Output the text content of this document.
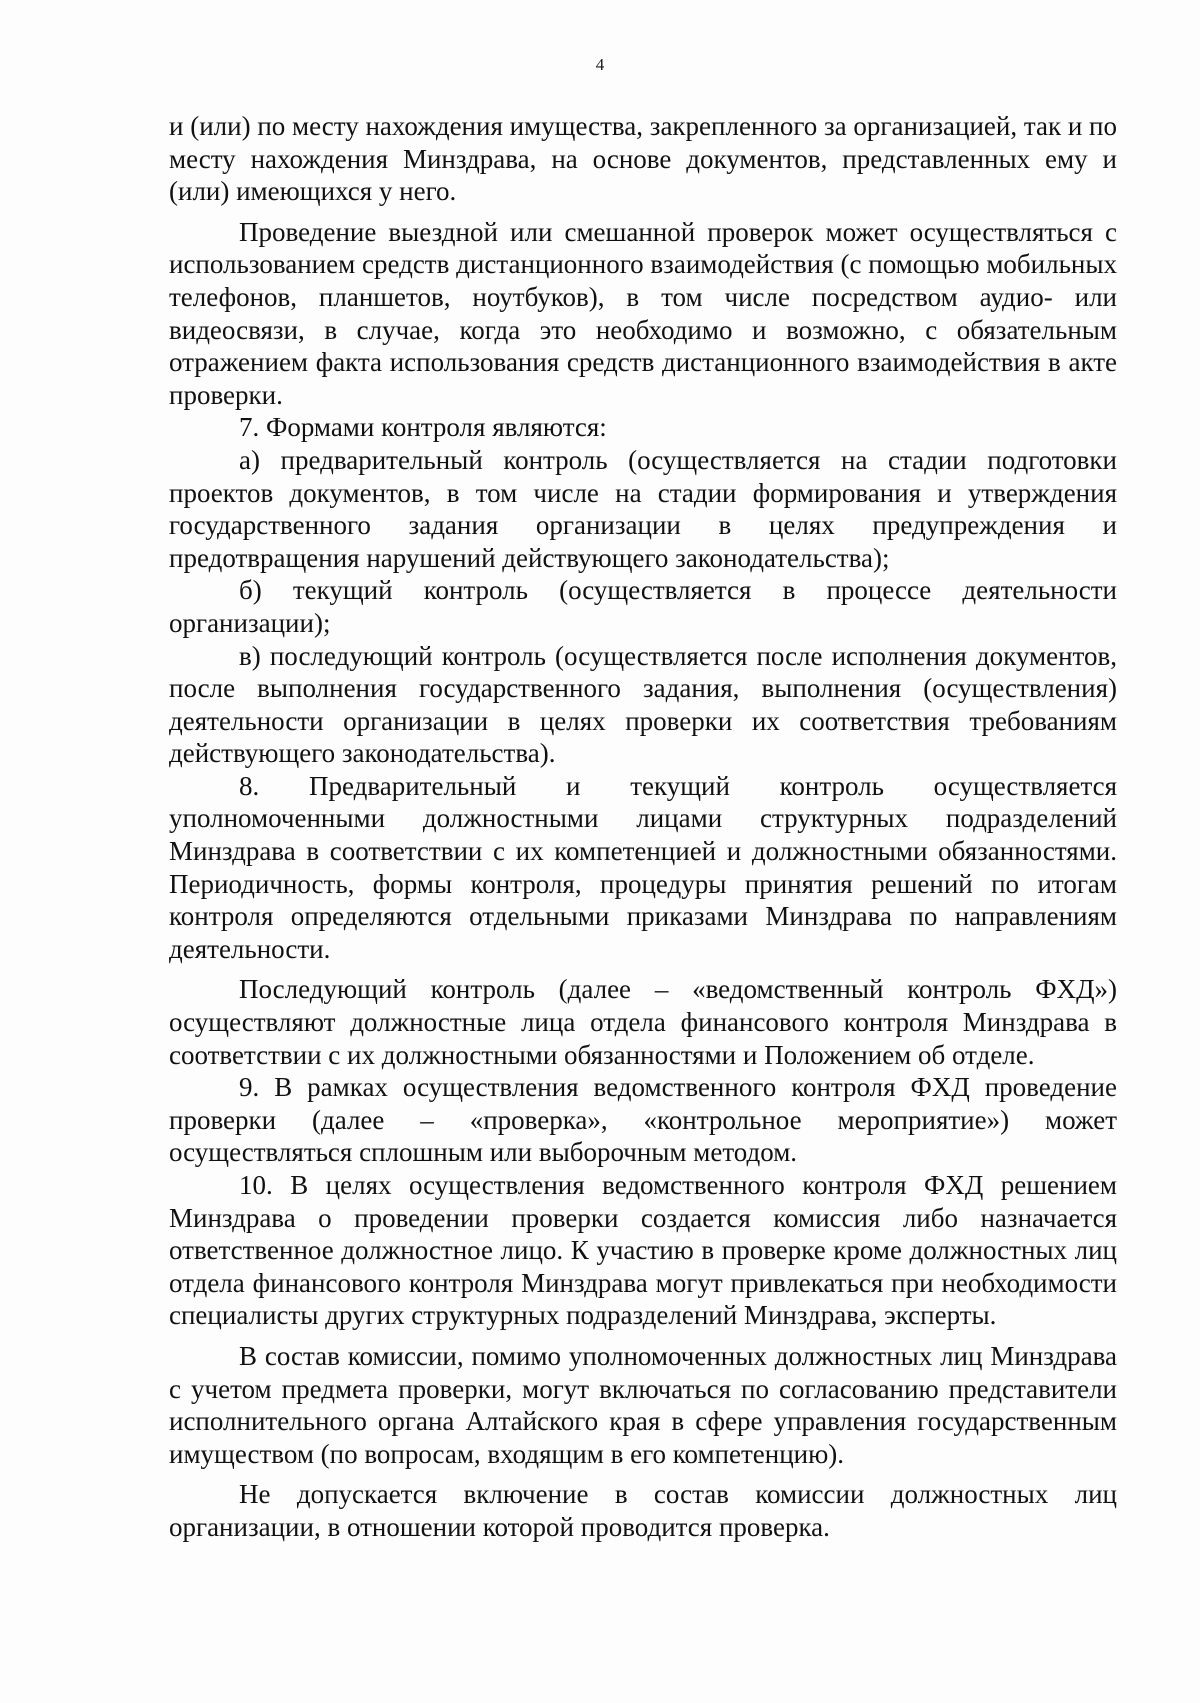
4

и (или) по месту нахождения имущества, закрепленного за организацией, так и по месту нахождения Минздрава, на основе документов, представленных ему и (или) имеющихся у него.

Проведение выездной или смешанной проверок может осуществляться с использованием средств дистанционного взаимодействия (с помощью мобильных телефонов, планшетов, ноутбуков), в том числе посредством аудио- или видеосвязи, в случае, когда это необходимо и возможно, с обязательным отражением факта использования средств дистанционного взаимодействия в акте проверки.

7. Формами контроля являются:

а) предварительный контроль (осуществляется на стадии подготовки проектов документов, в том числе на стадии формирования и утверждения государственного задания организации в целях предупреждения и предотвращения нарушений действующего законодательства);

б) текущий контроль (осуществляется в процессе деятельности организации);

в) последующий контроль (осуществляется после исполнения документов, после выполнения государственного задания, выполнения (осуществления) деятельности организации в целях проверки их соответствия требованиям действующего законодательства).

8. Предварительный и текущий контроль осуществляется уполномоченными должностными лицами структурных подразделений Минздрава в соответствии с их компетенцией и должностными обязанностями. Периодичность, формы контроля, процедуры принятия решений по итогам контроля определяются отдельными приказами Минздрава по направлениям деятельности.

Последующий контроль (далее – «ведомственный контроль ФХД») осуществляют должностные лица отдела финансового контроля Минздрава в соответствии с их должностными обязанностями и Положением об отделе.

9. В рамках осуществления ведомственного контроля ФХД проведение проверки (далее – «проверка», «контрольное мероприятие») может осуществляться сплошным или выборочным методом.

10. В целях осуществления ведомственного контроля ФХД решением Минздрава о проведении проверки создается комиссия либо назначается ответственное должностное лицо. К участию в проверке кроме должностных лиц отдела финансового контроля Минздрава могут привлекаться при необходимости специалисты других структурных подразделений Минздрава, эксперты.

В состав комиссии, помимо уполномоченных должностных лиц Минздрава с учетом предмета проверки, могут включаться по согласованию представители исполнительного органа Алтайского края в сфере управления государственным имуществом (по вопросам, входящим в его компетенцию).

Не допускается включение в состав комиссии должностных лиц организации, в отношении которой проводится проверка.
